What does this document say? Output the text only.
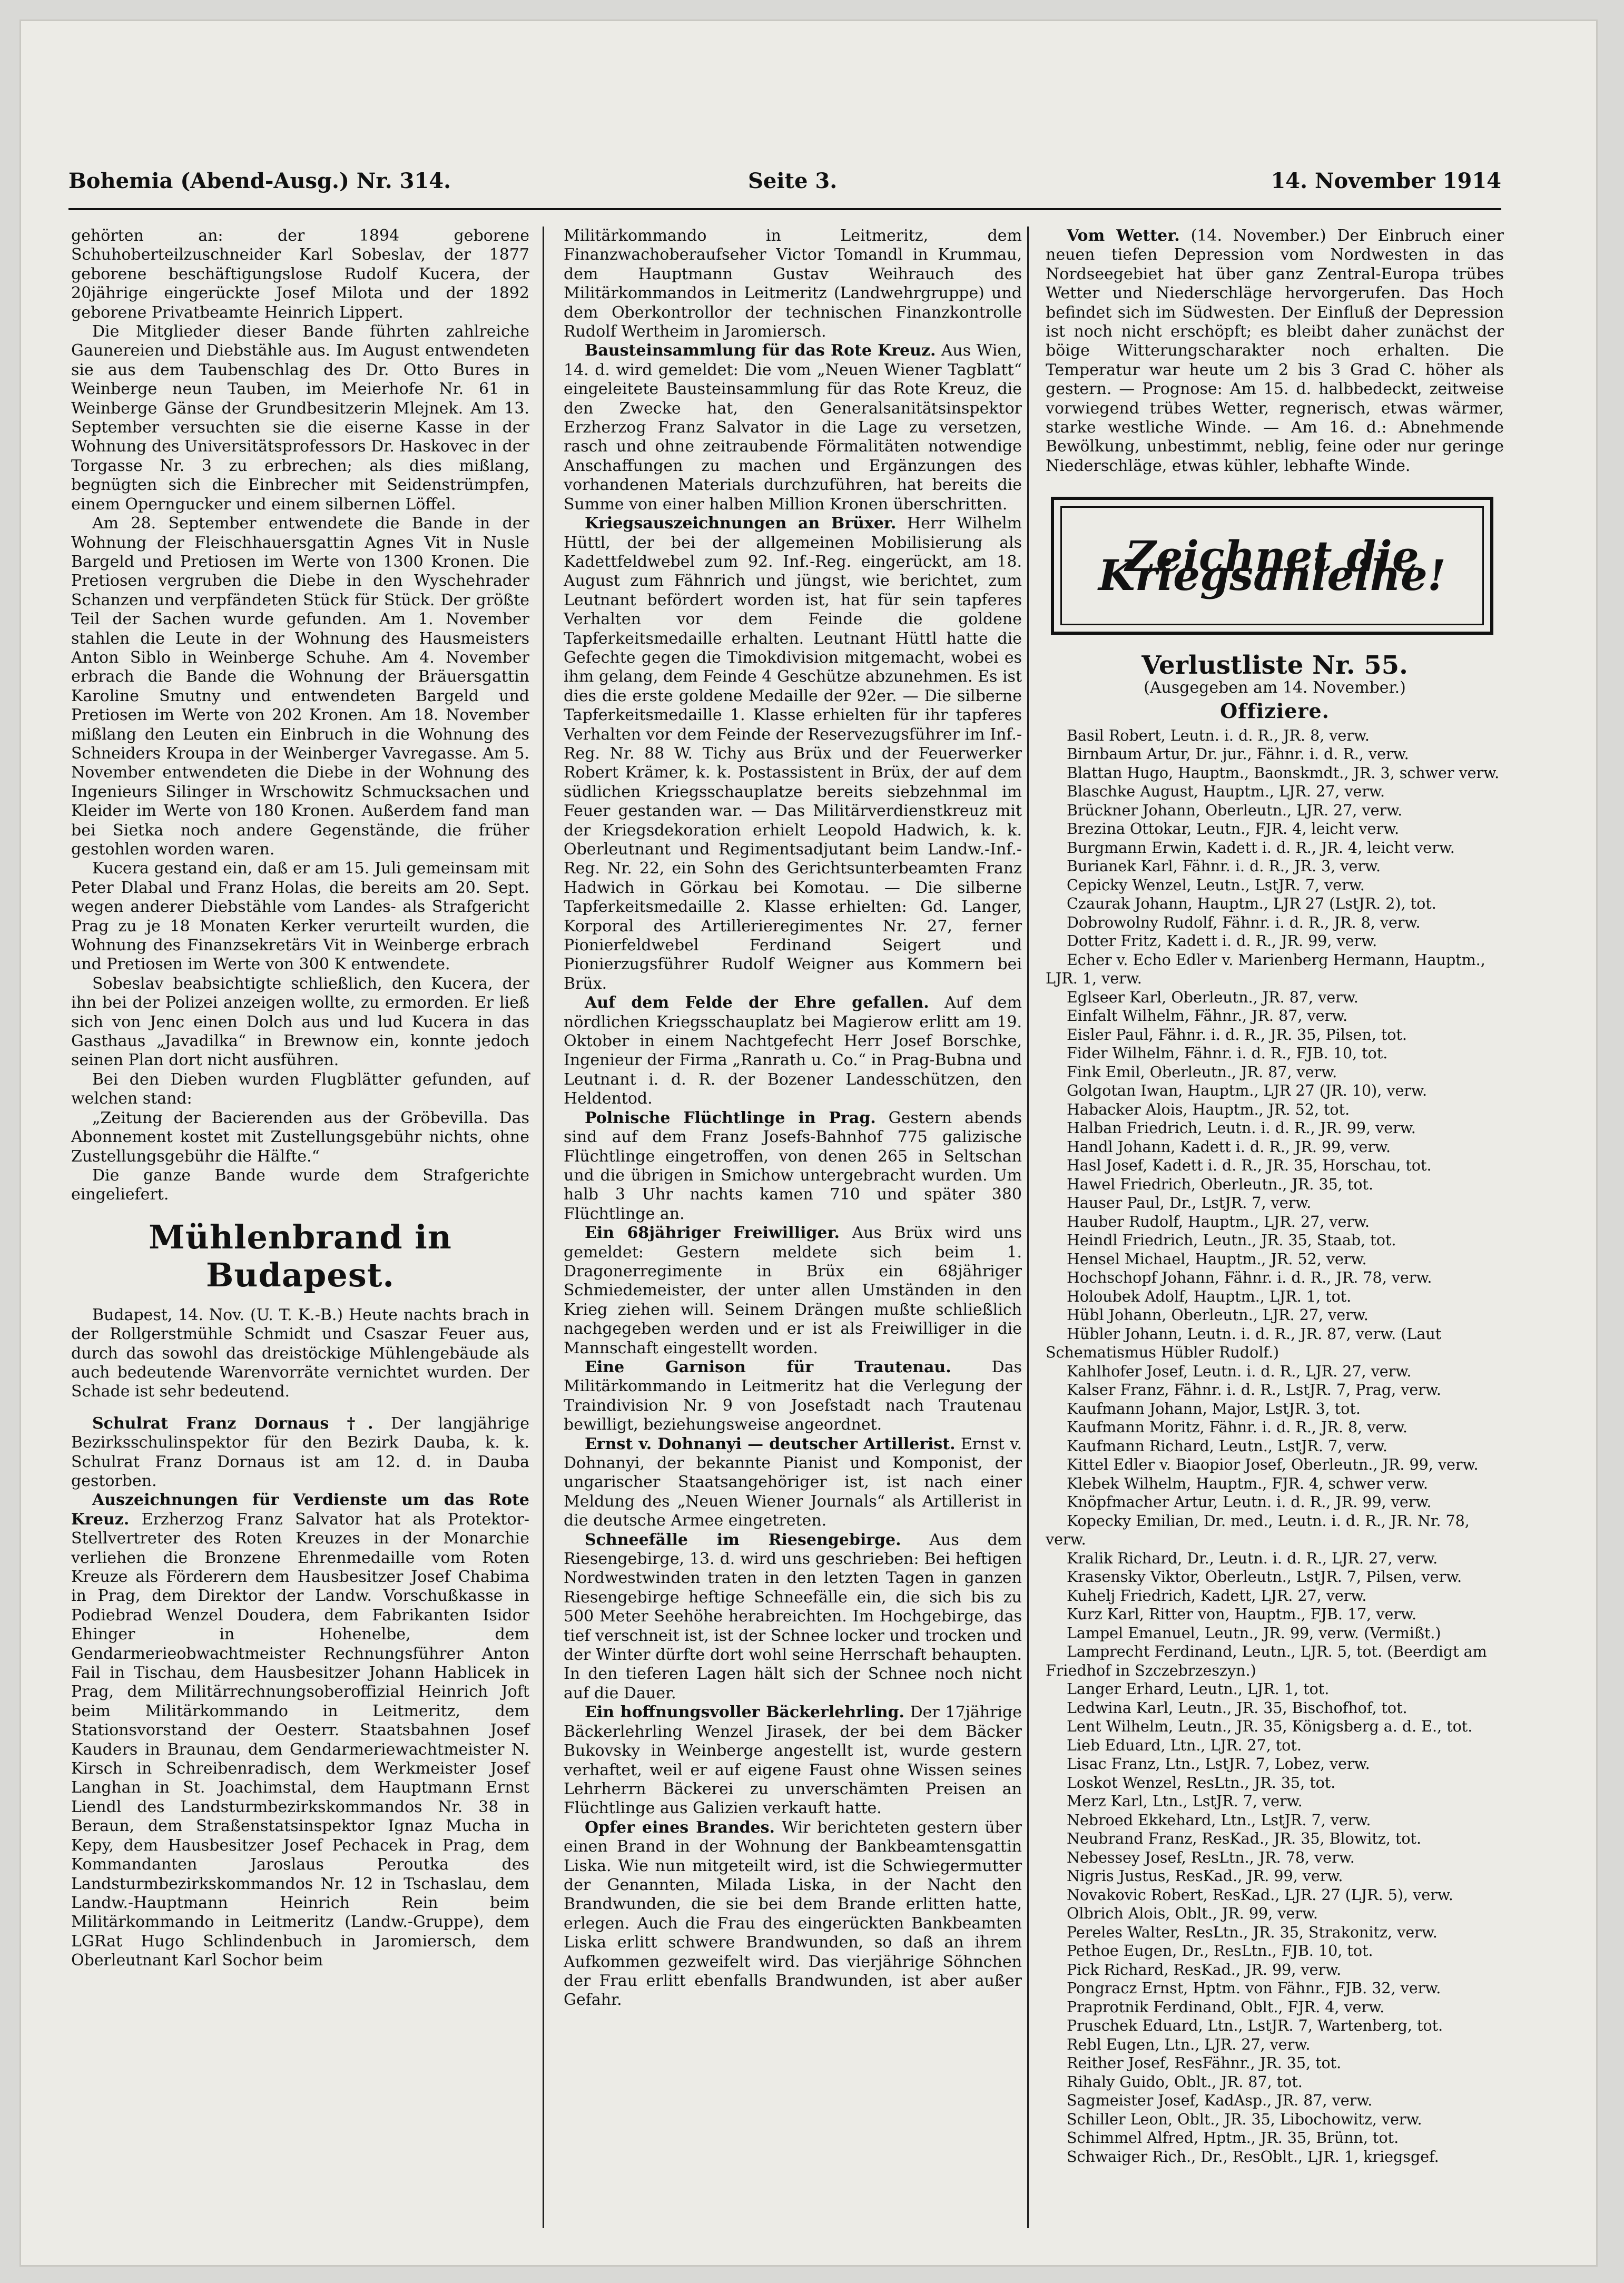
Bohemia (Abend-Ausg.) Nr. 314.	Seite 3.	14. November 1914

gehörten an: der 1894 geborene Schuhoberteilzuschneider Karl Sobeslav, der 1877 geborene beschäftigungslose Rudolf Kucera, der 20jährige eingerückte Josef Milota und der 1892 geborene Privatbeamte Heinrich Lippert.

Die Mitglieder dieser Bande führten zahlreiche Gaunereien und Diebstähle aus. Im August entwendeten sie aus dem Taubenschlag des Dr. Otto Bures in Weinberge neun Tauben, im Meierhofe Nr. 61 in Weinberge Gänse der Grundbesitzerin Mlejnek. Am 13. September versuchten sie die eiserne Kasse in der Wohnung des Universitätsprofessors Dr. Haskovec in der Torgasse Nr. 3 zu erbrechen; als dies mißlang, begnügten sich die Einbrecher mit Seidenstrümpfen, einem Operngucker und einem silbernen Löffel.

Am 28. September entwendete die Bande in der Wohnung der Fleischhauersgattin Agnes Vit in Nusle Bargeld und Pretiosen im Werte von 1300 Kronen. Die Pretiosen vergruben die Diebe in den Wyschehrader Schanzen und verpfändeten Stück für Stück. Der größte Teil der Sachen wurde gefunden. Am 1. November stahlen die Leute in der Wohnung des Hausmeisters Anton Siblo in Weinberge Schuhe. Am 4. November erbrach die Bande die Wohnung der Bräuersgattin Karoline Smutny und entwendeten Bargeld und Pretiosen im Werte von 202 Kronen. Am 18. November mißlang den Leuten ein Einbruch in die Wohnung des Schneiders Kroupa in der Weinberger Vavregasse. Am 5. November entwendeten die Diebe in der Wohnung des Ingenieurs Silinger in Wrschowitz Schmucksachen und Kleider im Werte von 180 Kronen. Außerdem fand man bei Sietka noch andere Gegenstände, die früher gestohlen worden waren.

Kucera gestand ein, daß er am 15. Juli gemeinsam mit Peter Dlabal und Franz Holas, die bereits am 20. Sept. wegen anderer Diebstähle vom Landes- als Strafgericht Prag zu je 18 Monaten Kerker verurteilt wurden, die Wohnung des Finanzsekretärs Vit in Weinberge erbrach und Pretiosen im Werte von 300 K entwendete.

Sobeslav beabsichtigte schließlich, den Kucera, der ihn bei der Polizei anzeigen wollte, zu ermorden. Er ließ sich von Jenc einen Dolch aus und lud Kucera in das Gasthaus „Javadilka“ in Brewnow ein, konnte jedoch seinen Plan dort nicht ausführen.

Bei den Dieben wurden Flugblätter gefunden, auf welchen stand:

„Zeitung der Bacierenden aus der Gröbevilla. Das Abonnement kostet mit Zustellungsgebühr nichts, ohne Zustellungsgebühr die Hälfte.“

Die ganze Bande wurde dem Strafgerichte eingeliefert.

Mühlenbrand in Budapest.

Budapest, 14. Nov. (U. T. K.-B.) Heute nachts brach in der Rollgerstmühle Schmidt und Csaszar Feuer aus, durch das sowohl das dreistöckige Mühlengebäude als auch bedeutende Warenvorräte vernichtet wurden. Der Schade ist sehr bedeutend.

Schulrat Franz Dornaus †. Der langjährige Bezirksschulinspektor für den Bezirk Dauba, k. k. Schulrat Franz Dornaus ist am 12. d. in Dauba gestorben.

Auszeichnungen für Verdienste um das Rote Kreuz. Erzherzog Franz Salvator hat als Protektor-Stellvertreter des Roten Kreuzes in der Monarchie verliehen die Bronzene Ehrenmedaille vom Roten Kreuze als Förderern dem Hausbesitzer Josef Chabima in Prag, dem Direktor der Landw. Vorschußkasse in Podiebrad Wenzel Doudera, dem Fabrikanten Isidor Ehinger in Hohenelbe, dem Gendarmerieobwachtmeister Rechnungsführer Anton Fail in Tischau, dem Hausbesitzer Johann Hablicek in Prag, dem Militärrechnungsoberoffizial Heinrich Joft beim Militärkommando in Leitmeritz, dem Stationsvorstand der Oesterr. Staatsbahnen Josef Kauders in Braunau, dem Gendarmeriewachtmeister N. Kirsch in Schreibenradisch, dem Werkmeister Josef Langhan in St. Joachimstal, dem Hauptmann Ernst Liendl des Landsturmbezirkskommandos Nr. 38 in Beraun, dem Straßenstatsinspektor Ignaz Mucha in Kepy, dem Hausbesitzer Josef Pechacek in Prag, dem Kommandanten Jaroslaus Peroutka des Landsturmbezirkskommandos Nr. 12 in Tschaslau, dem Landw.-Hauptmann Heinrich Rein beim Militärkommando in Leitmeritz (Landw.-Gruppe), dem LGRat Hugo Schlindenbuch in Jaromiersch, dem Oberleutnant Karl Sochor beim

Militärkommando in Leitmeritz, dem Finanzwachoberaufseher Victor Tomandl in Krummau, dem Hauptmann Gustav Weihrauch des Militärkommandos in Leitmeritz (Landwehrgruppe) und dem Oberkontrollor der technischen Finanzkontrolle Rudolf Wertheim in Jaromiersch.

Bausteinsammlung für das Rote Kreuz. Aus Wien, 14. d. wird gemeldet: Die vom „Neuen Wiener Tagblatt“ eingeleitete Bausteinsammlung für das Rote Kreuz, die den Zwecke hat, den Generalsanitätsinspektor Erzherzog Franz Salvator in die Lage zu versetzen, rasch und ohne zeitraubende Förmalitäten notwendige Anschaffungen zu machen und Ergänzungen des vorhandenen Materials durchzuführen, hat bereits die Summe von einer halben Million Kronen überschritten.

Kriegsauszeichnungen an Brüxer. Herr Wilhelm Hüttl, der bei der allgemeinen Mobilisierung als Kadettfeldwebel zum 92. Inf.-Reg. eingerückt, am 18. August zum Fähnrich und jüngst, wie berichtet, zum Leutnant befördert worden ist, hat für sein tapferes Verhalten vor dem Feinde die goldene Tapferkeitsmedaille erhalten. Leutnant Hüttl hatte die Gefechte gegen die Timokdivision mitgemacht, wobei es ihm gelang, dem Feinde 4 Geschütze abzunehmen. Es ist dies die erste goldene Medaille der 92er. — Die silberne Tapferkeitsmedaille 1. Klasse erhielten für ihr tapferes Verhalten vor dem Feinde der Reservezugsführer im Inf.-Reg. Nr. 88 W. Tichy aus Brüx und der Feuerwerker Robert Krämer, k. k. Postassistent in Brüx, der auf dem südlichen Kriegsschauplatze bereits siebzehnmal im Feuer gestanden war. — Das Militärverdienstkreuz mit der Kriegsdekoration erhielt Leopold Hadwich, k. k. Oberleutnant und Regimentsadjutant beim Landw.-Inf.-Reg. Nr. 22, ein Sohn des Gerichtsunterbeamten Franz Hadwich in Görkau bei Komotau. — Die silberne Tapferkeitsmedaille 2. Klasse erhielten: Gd. Langer, Korporal des Artillerieregimentes Nr. 27, ferner Pionierfeldwebel Ferdinand Seigert und Pionierzugsführer Rudolf Weigner aus Kommern bei Brüx.

Auf dem Felde der Ehre gefallen. Auf dem nördlichen Kriegsschauplatz bei Magierow erlitt am 19. Oktober in einem Nachtgefecht Herr Josef Borschke, Ingenieur der Firma „Ranrath u. Co.“ in Prag-Bubna und Leutnant i. d. R. der Bozener Landesschützen, den Heldentod.

Polnische Flüchtlinge in Prag. Gestern abends sind auf dem Franz Josefs-Bahnhof 775 galizische Flüchtlinge eingetroffen, von denen 265 in Seltschan und die übrigen in Smichow untergebracht wurden. Um halb 3 Uhr nachts kamen 710 und später 380 Flüchtlinge an.

Ein 68jähriger Freiwilliger. Aus Brüx wird uns gemeldet: Gestern meldete sich beim 1. Dragonerregimente in Brüx ein 68jähriger Schmiedemeister, der unter allen Umständen in den Krieg ziehen will. Seinem Drängen mußte schließlich nachgegeben werden und er ist als Freiwilliger in die Mannschaft eingestellt worden.

Eine Garnison für Trautenau.	Das Militärkommando in Leitmeritz hat die Verlegung der Traindivision Nr. 9 von Josefstadt nach Trautenau bewilligt, beziehungsweise angeordnet.

Ernst v. Dohnanyi — deutscher Artillerist. Ernst v. Dohnanyi, der bekannte Pianist und Komponist, der ungarischer Staatsangehöriger ist, ist nach einer Meldung des „Neuen Wiener Journals“ als Artillerist in die deutsche Armee eingetreten.

Schneefälle im Riesengebirge. Aus dem Riesengebirge, 13. d. wird uns geschrieben: Bei heftigen Nordwestwinden traten in den letzten Tagen in ganzen Riesengebirge heftige Schneefälle ein, die sich bis zu 500 Meter Seehöhe herabreichten. Im Hochgebirge, das tief verschneit ist, ist der Schnee locker und trocken und der Winter dürfte dort wohl seine Herrschaft behaupten. In den tieferen Lagen hält sich der Schnee noch nicht auf die Dauer.

Ein hoffnungsvoller Bäckerlehrling. Der 17jährige Bäckerlehrling Wenzel Jirasek, der bei dem Bäcker Bukovsky in Weinberge angestellt ist, wurde gestern verhaftet, weil er auf eigene Faust ohne Wissen seines Lehrherrn Bäckerei zu unverschämten Preisen an Flüchtlinge aus Galizien verkauft hatte.

Opfer eines Brandes. Wir berichteten gestern über einen Brand in der Wohnung der Bankbeamtensgattin Liska. Wie nun mitgeteilt wird, ist die Schwiegermutter der Genannten, Milada Liska, in der Nacht den Brandwunden, die sie bei dem Brande erlitten hatte, erlegen. Auch die Frau des eingerückten Bankbeamten Liska erlitt schwere Brandwunden, so daß an ihrem Aufkommen gezweifelt wird. Das vierjährige Söhnchen der Frau erlitt ebenfalls Brandwunden, ist aber außer Gefahr.

Vom Wetter. (14. November.) Der Einbruch einer neuen tiefen Depression vom Nordwesten in das Nordseegebiet hat über ganz Zentral-Europa trübes Wetter und Niederschläge hervorgerufen. Das Hoch befindet sich im Südwesten. Der Einfluß der Depression ist noch nicht erschöpft; es bleibt daher zunächst der böige Witterungscharakter noch erhalten. Die Temperatur war heute um 2 bis 3 Grad C. höher als gestern. — Prognose: Am 15. d. halbbedeckt, zeitweise vorwiegend trübes Wetter, regnerisch, etwas wärmer, starke westliche Winde. — Am 16. d.: Abnehmende Bewölkung, unbestimmt, neblig, feine oder nur geringe Niederschläge, etwas kühler, lebhafte Winde.

Zeichnet die Kriegsanleihe!
Verlustliste Nr. 55.
(Ausgegeben am 14. November.)
Offiziere.

Basil Robert, Leutn. i. d. R., JR. 8, verw.

Birnbaum Artur, Dr. jur., Fähnr. i. d. R., verw.

Blattan Hugo, Hauptm., Baonskmdt., JR. 3, schwer verw.

Blaschke August, Hauptm., LJR. 27, verw.

Brückner Johann, Oberleutn., LJR. 27, verw.

Brezina Ottokar, Leutn., FJR. 4, leicht verw.

Burgmann Erwin, Kadett i. d. R., JR. 4, leicht verw.

Burianek Karl, Fähnr. i. d. R., JR. 3, verw.

Cepicky Wenzel, Leutn., LstJR. 7, verw.

Czaurak Johann, Hauptm., LJR 27 (LstJR. 2), tot.

Dobrowolny Rudolf, Fähnr. i. d. R., JR. 8, verw.

Dotter Fritz, Kadett i. d. R., JR. 99, verw.

Echer v. Echo Edler v. Marienberg Hermann, Hauptm., LJR. 1, verw.

Eglseer Karl, Oberleutn., JR. 87, verw.

Einfalt Wilhelm, Fähnr., JR. 87, verw.

Eisler Paul, Fähnr. i. d. R., JR. 35, Pilsen, tot.

Fider Wilhelm, Fähnr. i. d. R., FJB. 10, tot.

Fink Emil, Oberleutn., JR. 87, verw.

Golgotan Iwan, Hauptm., LJR 27 (JR. 10), verw.

Habacker Alois, Hauptm., JR. 52, tot.

Halban Friedrich, Leutn. i. d. R., JR. 99, verw.

Handl Johann, Kadett i. d. R., JR. 99, verw.

Hasl Josef, Kadett i. d. R., JR. 35, Horschau, tot.

Hawel Friedrich, Oberleutn., JR. 35, tot.

Hauser Paul, Dr., LstJR. 7, verw.

Hauber Rudolf, Hauptm., LJR. 27, verw.

Heindl Friedrich, Leutn., JR. 35, Staab, tot.

Hensel Michael, Hauptm., JR. 52, verw.

Hochschopf Johann, Fähnr. i. d. R., JR. 78, verw.

Holoubek Adolf, Hauptm., LJR. 1, tot.

Hübl Johann, Oberleutn., LJR. 27, verw.

Hübler Johann, Leutn. i. d. R., JR. 87, verw. (Laut Schematismus Hübler Rudolf.)

Kahlhofer Josef, Leutn. i. d. R., LJR. 27, verw.

Kalser Franz, Fähnr. i. d. R., LstJR. 7, Prag, verw.

Kaufmann Johann, Major, LstJR. 3, tot.

Kaufmann Moritz, Fähnr. i. d. R., JR. 8, verw.

Kaufmann Richard, Leutn., LstJR. 7, verw.

Kittel Edler v. Biaopior Josef, Oberleutn., JR. 99, verw.

Klebek Wilhelm, Hauptm., FJR. 4, schwer verw.

Knöpfmacher Artur, Leutn. i. d. R., JR. 99, verw.

Kopecky Emilian, Dr. med., Leutn. i. d. R., JR. Nr. 78, verw.

Kralik Richard, Dr., Leutn. i. d. R., LJR. 27, verw.

Krasensky Viktor, Oberleutn., LstJR. 7, Pilsen, verw.

Kuhelj Friedrich, Kadett, LJR. 27, verw.

Kurz Karl, Ritter von, Hauptm., FJB. 17, verw.

Lampel Emanuel, Leutn., JR. 99, verw. (Vermißt.)

Lamprecht Ferdinand, Leutn., LJR. 5, tot. (Beerdigt am Friedhof in Szczebrzeszyn.)

Langer Erhard, Leutn., LJR. 1, tot.

Ledwina Karl, Leutn., JR. 35, Bischofhof, tot.

Lent Wilhelm, Leutn., JR. 35, Königsberg a. d. E., tot.

Lieb Eduard, Ltn., LJR. 27, tot.

Lisac Franz, Ltn., LstJR. 7, Lobez, verw.

Loskot Wenzel, ResLtn., JR. 35, tot.

Merz Karl, Ltn., LstJR. 7, verw.

Nebroed Ekkehard, Ltn., LstJR. 7, verw.

Neubrand Franz, ResKad., JR. 35, Blowitz, tot.

Nebessey Josef, ResLtn., JR. 78, verw.

Nigris Justus, ResKad., JR. 99, verw.

Novakovic Robert, ResKad., LJR. 27 (LJR. 5), verw.

Olbrich Alois, Oblt., JR. 99, verw.

Pereles Walter, ResLtn., JR. 35, Strakonitz, verw.

Pethoe Eugen, Dr., ResLtn., FJB. 10, tot.

Pick Richard, ResKad., JR. 99, verw.

Pongracz Ernst, Hptm. von Fähnr., FJB. 32, verw.

Praprotnik Ferdinand, Oblt., FJR. 4, verw.

Pruschek Eduard, Ltn., LstJR. 7, Wartenberg, tot.

Rebl Eugen, Ltn., LJR. 27, verw.

Reither Josef, ResFähnr., JR. 35, tot.

Rihaly Guido, Oblt., JR. 87, tot.

Sagmeister Josef, KadAsp., JR. 87, verw.

Schiller Leon, Oblt., JR. 35, Libochowitz, verw.

Schimmel Alfred, Hptm., JR. 35, Brünn, tot.

Schwaiger Rich., Dr., ResOblt., LJR. 1, kriegsgef.
